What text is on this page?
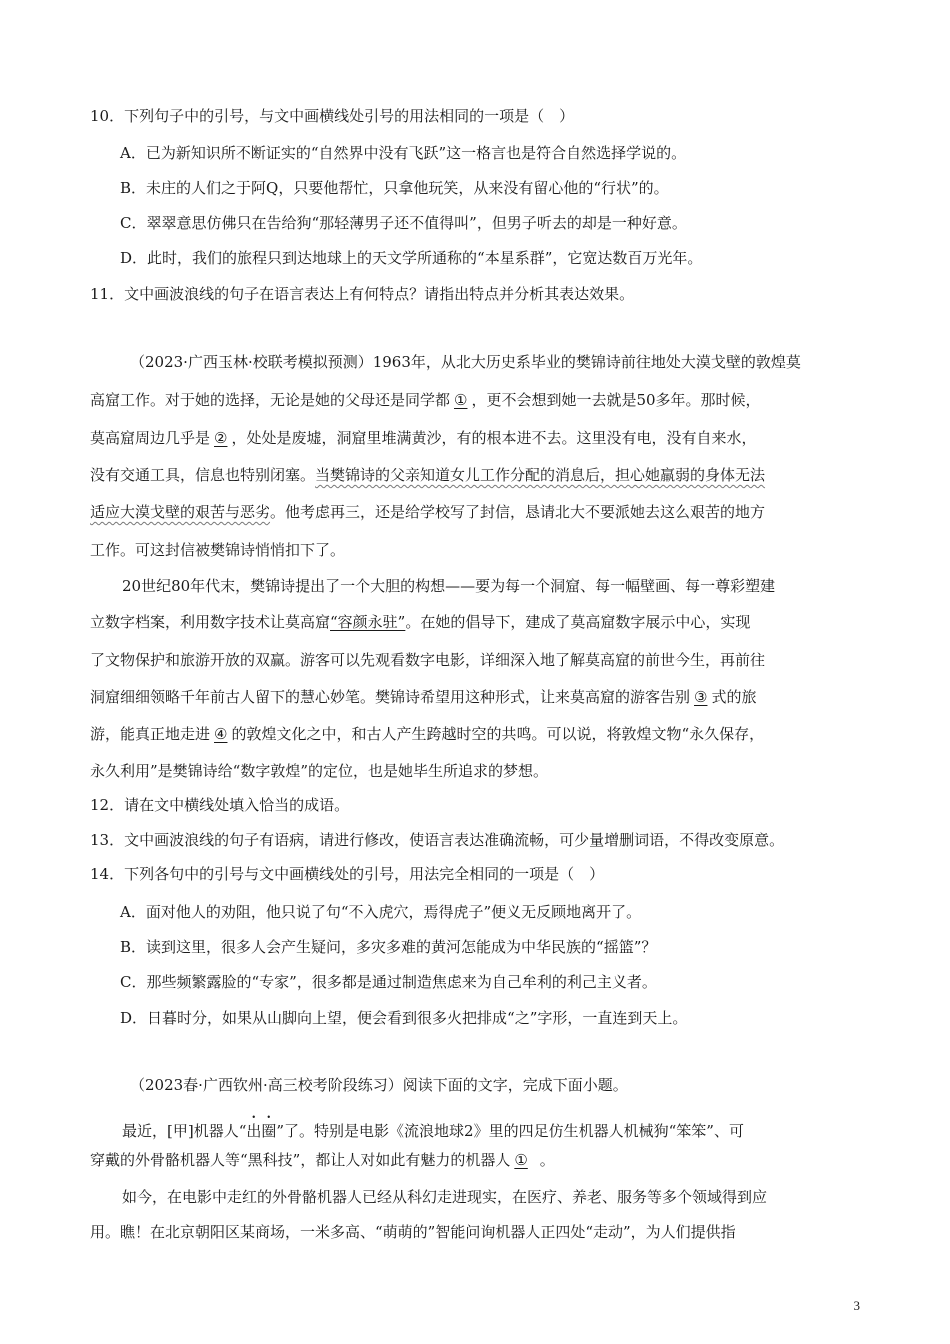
10．下列句子中的引号，与文中画横线处引号的用法相同的一项是（　）
A．已为新知识所不断证实的“自然界中没有飞跃”这一格言也是符合自然选择学说的。
B．未庄的人们之于阿Q，只要他帮忙，只拿他玩笑，从来没有留心他的“行状”的。
C．翠翠意思仿佛只在告给狗“那轻薄男子还不值得叫”，但男子听去的却是一种好意。
D．此时，我们的旅程只到达地球上的天文学所通称的“本星系群”，它宽达数百万光年。
11．文中画波浪线的句子在语言表达上有何特点？请指出特点并分析其表达效果。
（2023·广西玉林·校联考模拟预测）1963年，从北大历史系毕业的樊锦诗前往地处大漠戈壁的敦煌莫
高窟工作。对于她的选择，无论是她的父母还是同学都 ① ，更不会想到她一去就是50多年。那时候，
莫高窟周边几乎是 ② ，处处是废墟，洞窟里堆满黄沙，有的根本进不去。这里没有电，没有自来水，
没有交通工具，信息也特别闭塞。当樊锦诗的父亲知道女儿工作分配的消息后，担心她羸弱的身体无法
适应大漠戈壁的艰苦与恶劣。他考虑再三，还是给学校写了封信，恳请北大不要派她去这么艰苦的地方
工作。可这封信被樊锦诗悄悄扣下了。
20世纪80年代末，樊锦诗提出了一个大胆的构想——要为每一个洞窟、每一幅壁画、每一尊彩塑建
立数字档案，利用数字技术让莫高窟“容颜永驻”。在她的倡导下，建成了莫高窟数字展示中心，实现
了文物保护和旅游开放的双赢。游客可以先观看数字电影，详细深入地了解莫高窟的前世今生，再前往
洞窟细细领略千年前古人留下的慧心妙笔。樊锦诗希望用这种形式，让来莫高窟的游客告别 ③ 式的旅
游，能真正地走进 ④ 的敦煌文化之中，和古人产生跨越时空的共鸣。可以说，将敦煌文物“永久保存，
永久利用”是樊锦诗给“数字敦煌”的定位，也是她毕生所追求的梦想。
12．请在文中横线处填入恰当的成语。
13．文中画波浪线的句子有语病，请进行修改，使语言表达准确流畅，可少量增删词语，不得改变原意。
14．下列各句中的引号与文中画横线处的引号，用法完全相同的一项是（　）
A．面对他人的劝阻，他只说了句“不入虎穴，焉得虎子”便义无反顾地离开了。
B．读到这里，很多人会产生疑问，多灾多难的黄河怎能成为中华民族的“摇篮”？
C．那些频繁露脸的“专家”，很多都是通过制造焦虑来为自己牟利的利己主义者。
D．日暮时分，如果从山脚向上望，便会看到很多火把排成“之”字形，一直连到天上。
（2023春·广西钦州·高三校考阶段练习）阅读下面的文字，完成下面小题。
最近，[甲]机器人“出圈”了。特别是电影《流浪地球2》里的四足仿生机器人机械狗“笨笨”、可
穿戴的外骨骼机器人等“黑科技”，都让人对如此有魅力的机器人 ① 。
如今，在电影中走红的外骨骼机器人已经从科幻走进现实，在医疗、养老、服务等多个领域得到应
用。瞧！在北京朝阳区某商场，一米多高、“萌萌的”智能问询机器人正四处“走动”，为人们提供指
3
